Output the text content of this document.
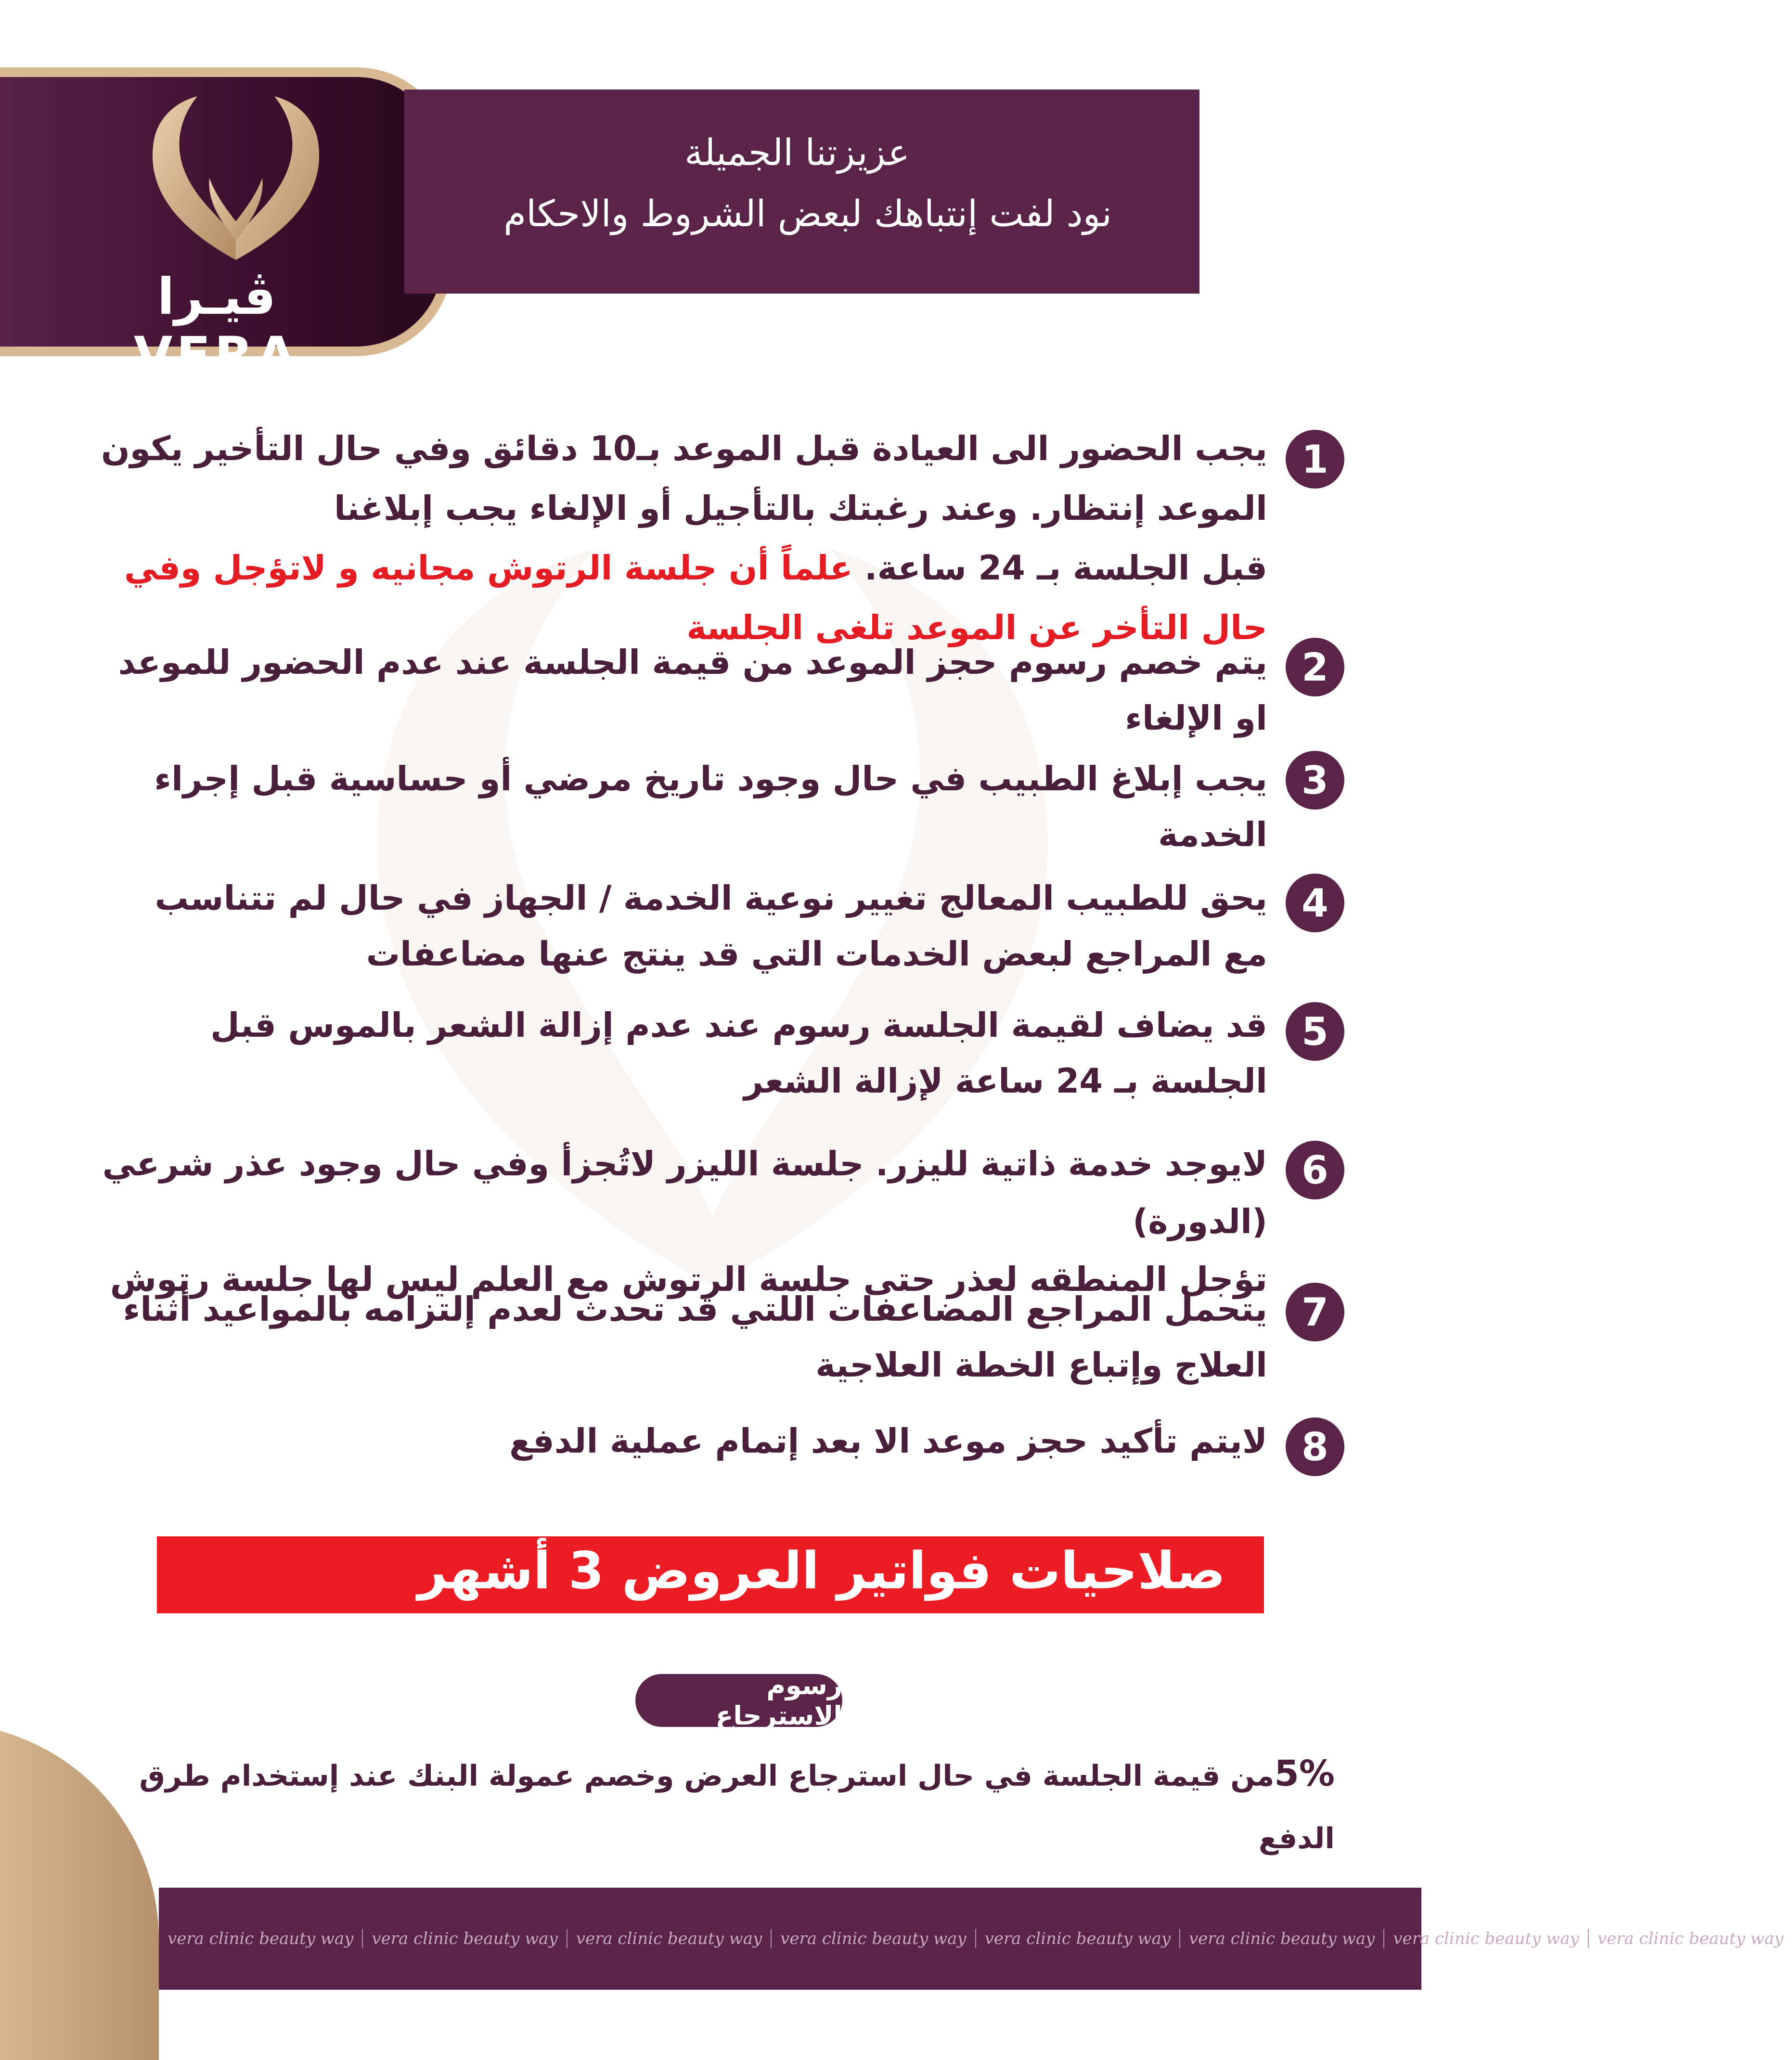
ڤيـرا VERA
عزيزتنا الجميلة
نود لفت إنتباهك لبعض الشروط والاحكام
1
يجب الحضور الى العيادة قبل الموعد بـ10 دقائق وفي حال التأخير يكون
الموعد إنتظار. وعند رغبتك بالتأجيل أو الإلغاء يجب إبلاغنا
قبل الجلسة بـ 24 ساعة. علماً أن جلسة الرتوش مجانيه و لاتؤجل وفي
حال التأخر عن الموعد تلغى الجلسة
2
يتم خصم رسوم حجز الموعد من قيمة الجلسة عند عدم الحضور للموعد
او الإلغاء
3
يجب إبلاغ الطبيب في حال وجود تاريخ مرضي أو حساسية قبل إجراء
الخدمة
4
يحق للطبيب المعالج تغيير نوعية الخدمة / الجهاز في حال لم تتناسب
مع المراجع لبعض الخدمات التي قد ينتج عنها مضاعفات
5
قد يضاف لقيمة الجلسة رسوم عند عدم إزالة الشعر بالموس قبل
الجلسة بـ 24 ساعة لإزالة الشعر
6
لايوجد خدمة ذاتية لليزر. جلسة الليزر لاتُجزأ وفي حال وجود عذر شرعي (الدورة)
تؤجل المنطقه لعذر حتى جلسة الرتوش مع العلم ليس لها جلسة رتوش
7
يتحمل المراجع المضاعفات اللتي قد تحدث لعدم إلتزامه بالمواعيد أثناء
العلاج وإتباع الخطة العلاجية
8
لايتم تأكيد حجز موعد الا بعد إتمام عملية الدفع
صلاحيات فواتير العروض 3 أشهر
رسوم الاسترجاع
5%من قيمة الجلسة في حال استرجاع العرض وخصم عمولة البنك عند إستخدام طرق الدفع
vera clinic beauty way	vera clinic beauty way	vera clinic beauty way	vera clinic beauty way	vera clinic beauty way	vera clinic beauty way	vera clinic beauty way	vera clinic beauty way
